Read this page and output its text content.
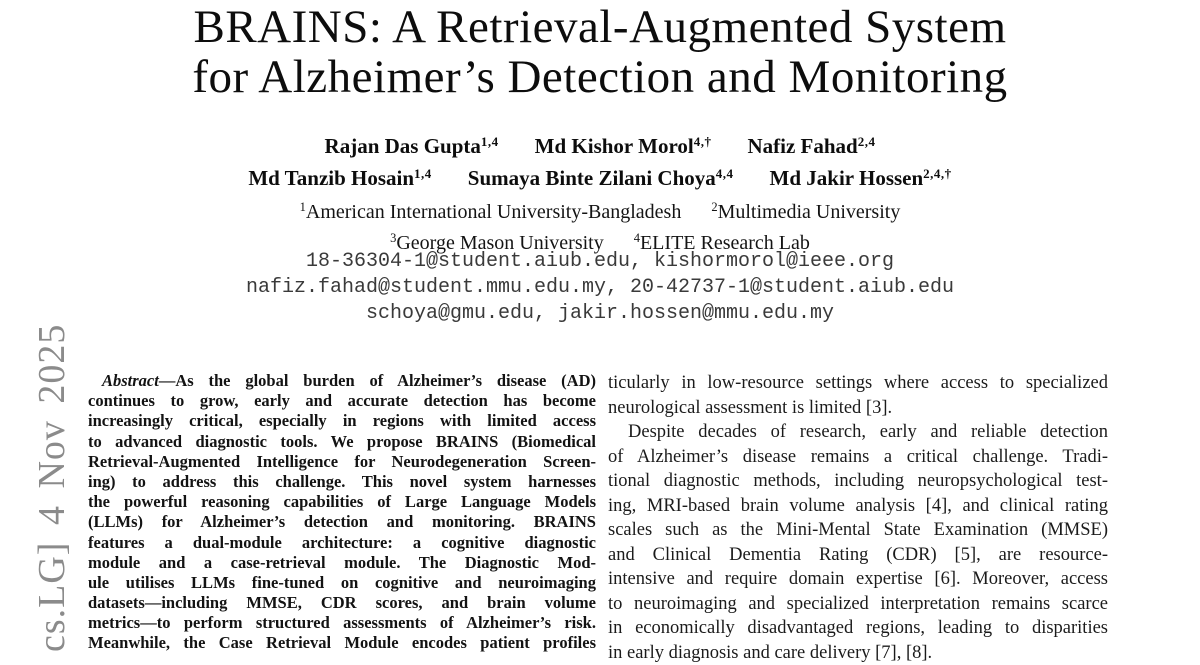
cs.LG] 4 Nov 2025
BRAINS: A Retrieval-Augmented System
for Alzheimer’s Detection and Monitoring
Rajan Das Gupta$^{1,4}$ Md Kishor Morol$^{4,\dagger}$ Nafiz Fahad$^{2,4}$
Md Tanzib Hosain$^{1,4}$ Sumaya Binte Zilani Choya$^{4,4}$ Md Jakir Hossen$^{2,4,\dagger}$
$^1$American International University-Bangladesh $^2$Multimedia University
$^3$George Mason University $^4$ELITE Research Lab
18-36304-1@student.aiub.edu, kishormorol@ieee.org
nafiz.fahad@student.mmu.edu.my, 20-42737-1@student.aiub.edu
schoya@gmu.edu, jakir.hossen@mmu.edu.my
Abstract—As the global burden of Alzheimer’s disease (AD)
continues to grow, early and accurate detection has become
increasingly critical, especially in regions with limited access
to advanced diagnostic tools. We propose BRAINS (Biomedical
Retrieval-Augmented Intelligence for Neurodegeneration Screen-
ing) to address this challenge. This novel system harnesses
the powerful reasoning capabilities of Large Language Models
(LLMs) for Alzheimer’s detection and monitoring. BRAINS
features a dual-module architecture: a cognitive diagnostic
module and a case-retrieval module. The Diagnostic Mod-
ule utilises LLMs fine-tuned on cognitive and neuroimaging
datasets—including MMSE, CDR scores, and brain volume
metrics—to perform structured assessments of Alzheimer’s risk.
Meanwhile, the Case Retrieval Module encodes patient profiles
ticularly in low-resource settings where access to specialized
neurological assessment is limited [3].
Despite decades of research, early and reliable detection
of Alzheimer’s disease remains a critical challenge. Tradi-
tional diagnostic methods, including neuropsychological test-
ing, MRI-based brain volume analysis [4], and clinical rating
scales such as the Mini-Mental State Examination (MMSE)
and Clinical Dementia Rating (CDR) [5], are resource-
intensive and require domain expertise [6]. Moreover, access
to neuroimaging and specialized interpretation remains scarce
in economically disadvantaged regions, leading to disparities
in early diagnosis and care delivery [7], [8].
